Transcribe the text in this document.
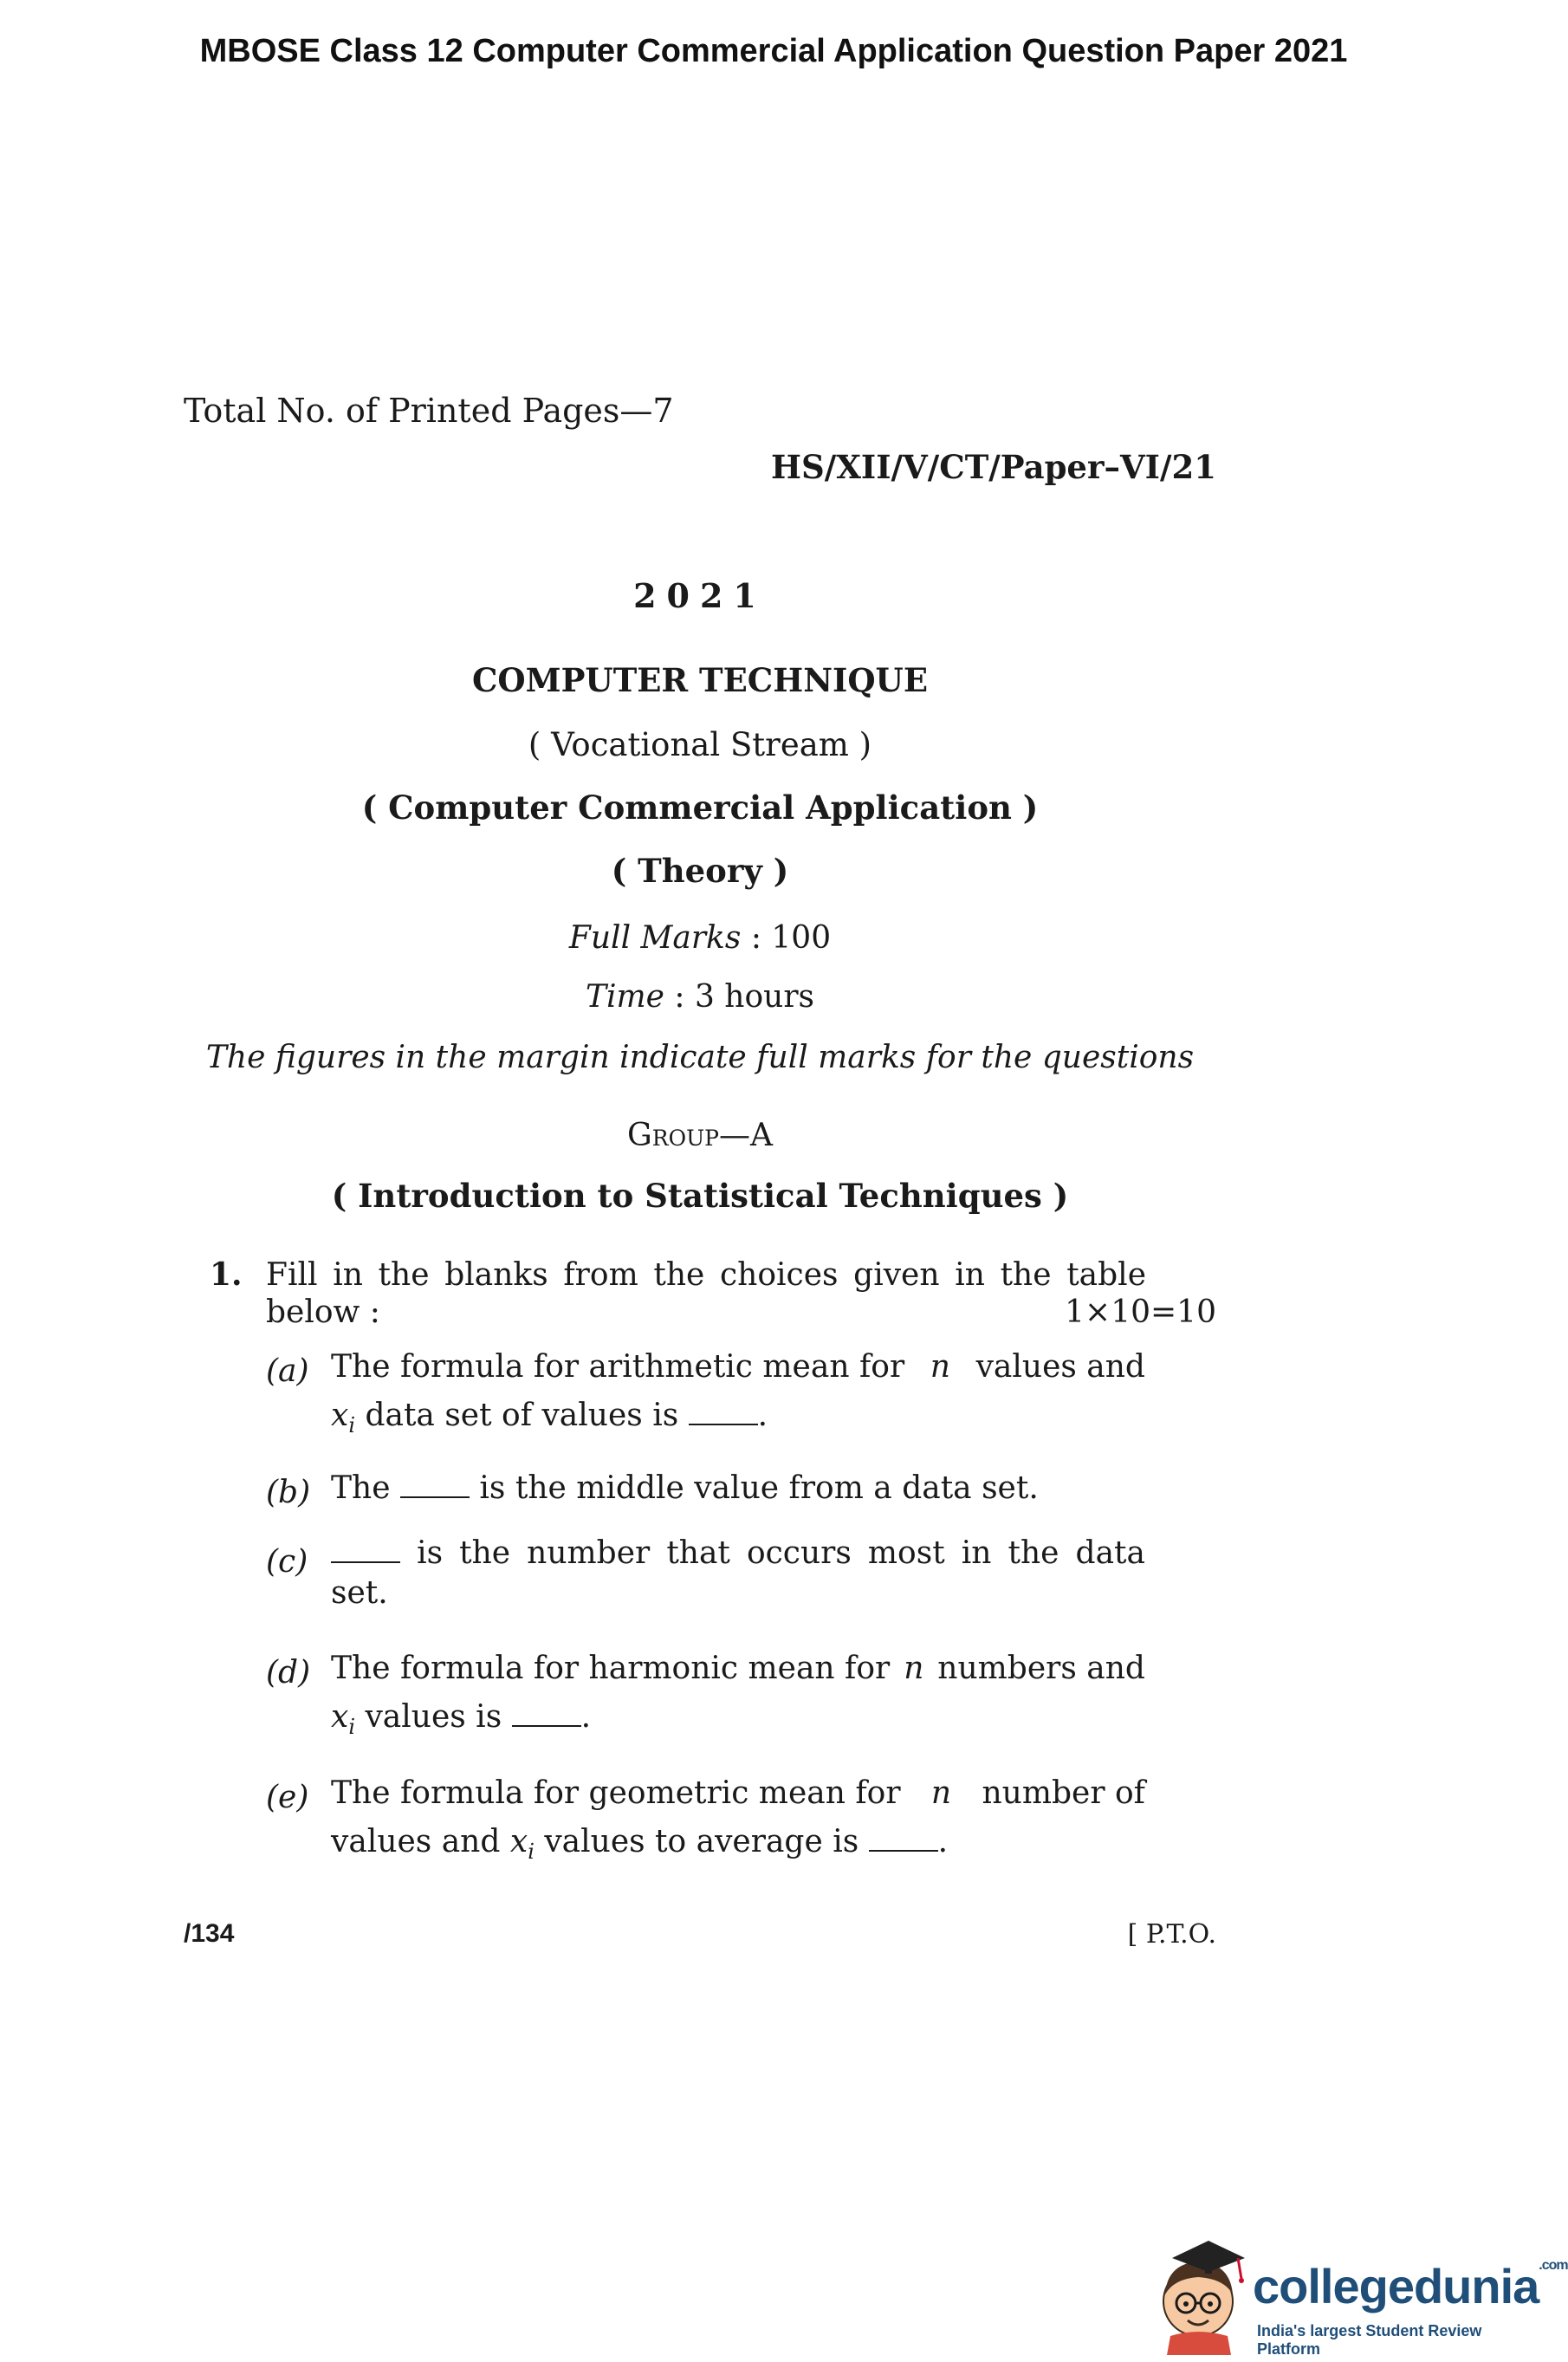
MBOSE Class 12 Computer Commercial Application Question Paper 2021
Total No. of Printed Pages—7
HS/XII/V/CT/Paper–VI/21
2021
COMPUTER TECHNIQUE
( Vocational Stream )
( Computer Commercial Application )
( Theory )
Full Marks : 100
Time : 3 hours
The figures in the margin indicate full marks for the questions
Group—A
( Introduction to Statistical Techniques )
1. Fill in the blanks from the choices given in the table
below :	1×10=10
(a) The formula for arithmetic mean for n values and
$x_i$ data set of values is	.
(b) The	is the middle value from a data set.
(c)	is the number that occurs most in the data set.
(d) The formula for harmonic mean for n numbers and
$x_i$ values is	.
(e) The formula for geometric mean for n number of
values and $x_i$ values to average is	.
/134	[ P.T.O.
collegedunia$^{.com}$
India's largest Student Review Platform
